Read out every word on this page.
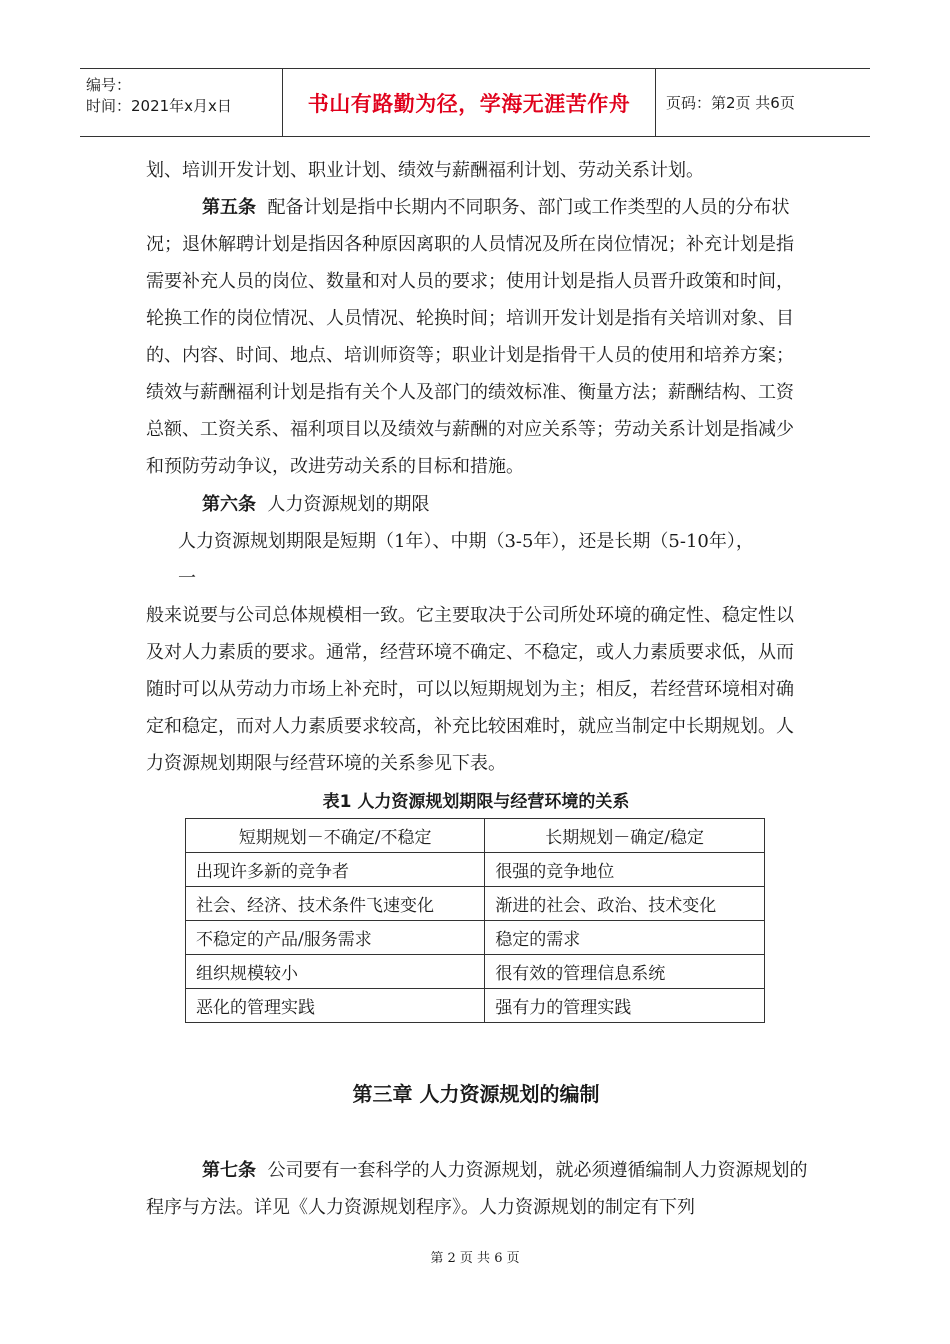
编号：
时间：2021年x月x日	书山有路勤为径，学海无涯苦作舟	页码：第2页 共6页

划、培训开发计划、职业计划、绩效与薪酬福利计划、劳动关系计划。

第五条 配备计划是指中长期内不同职务、部门或工作类型的人员的分布状况；退休解聘计划是指因各种原因离职的人员情况及所在岗位情况；补充计划是指需要补充人员的岗位、数量和对人员的要求；使用计划是指人员晋升政策和时间，轮换工作的岗位情况、人员情况、轮换时间；培训开发计划是指有关培训对象、目的、内容、时间、地点、培训师资等；职业计划是指骨干人员的使用和培养方案；绩效与薪酬福利计划是指有关个人及部门的绩效标准、衡量方法；薪酬结构、工资总额、工资关系、福利项目以及绩效与薪酬的对应关系等；劳动关系计划是指减少和预防劳动争议，改进劳动关系的目标和措施。

第六条 人力资源规划的期限

人力资源规划期限是短期（1年）、中期（3-5年），还是长期（5-10年），

一

般来说要与公司总体规模相一致。它主要取决于公司所处环境的确定性、稳定性以及对人力素质的要求。通常，经营环境不确定、不稳定，或人力素质要求低，从而随时可以从劳动力市场上补充时，可以以短期规划为主；相反，若经营环境相对确定和稳定，而对人力素质要求较高，补充比较困难时，就应当制定中长期规划。人力资源规划期限与经营环境的关系参见下表。

表1 人力资源规划期限与经营环境的关系
短期规划－不确定/不稳定	长期规划－确定/稳定
出现许多新的竞争者	很强的竞争地位
社会、经济、技术条件飞速变化	渐进的社会、政治、技术变化
不稳定的产品/服务需求	稳定的需求
组织规模较小	很有效的管理信息系统
恶化的管理实践	强有力的管理实践
第三章 人力资源规划的编制

第七条 公司要有一套科学的人力资源规划，就必须遵循编制人力资源规划的程序与方法。详见《人力资源规划程序》。人力资源规划的制定有下列

第 2 页 共 6 页
